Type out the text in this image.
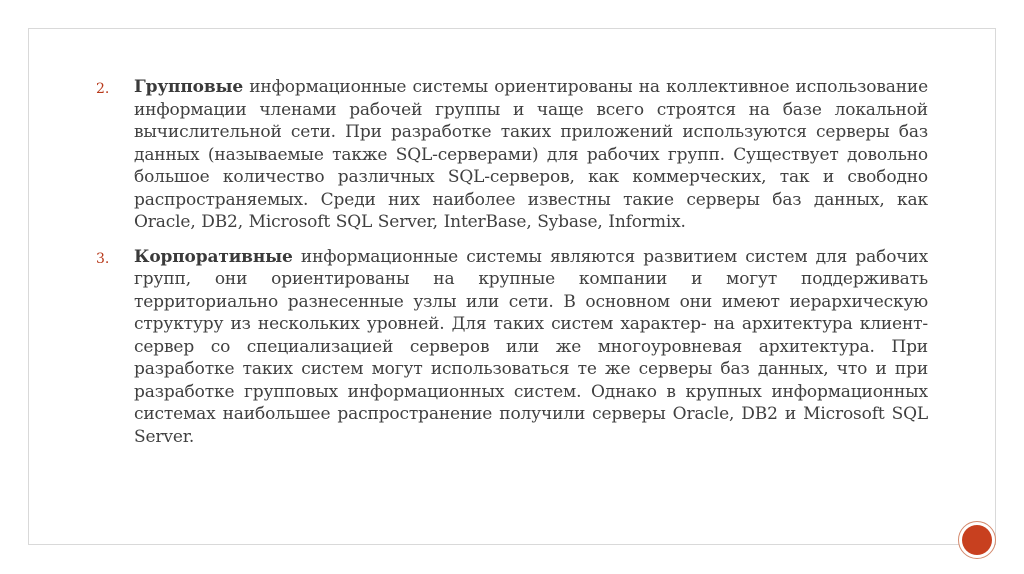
2.	Групповые информационные системы ориентированы на коллективное использование информации членами рабочей группы и чаще всего строятся на базе локальной вычислительной сети. При разработке таких приложений используются серверы баз данных (называемые также SQL-серверами) для рабочих групп. Существует довольно большое количество различных SQL-серверов, как коммерческих, так и свободно распространяемых. Среди них наиболее известны такие серверы баз данных, как Oracle, DB2, Microsoft SQL Server, InterBase, Sybase, Informix.
3.	Корпоративные информационные системы являются развитием систем для рабочих групп, они ориентированы на крупные компании и могут поддерживать территориально разнесенные узлы или сети. В основном они имеют иерархическую структуру из нескольких уровней. Для таких систем характер- на архитектура клиент-сервер со специализацией серверов или же многоуровневая архитектура. При разработке таких систем могут использоваться те же серверы баз данных, что и при разработке групповых информационных систем. Однако в крупных информационных системах наибольшее распространение получили серверы Oracle, DB2 и Microsoft SQL Server.
